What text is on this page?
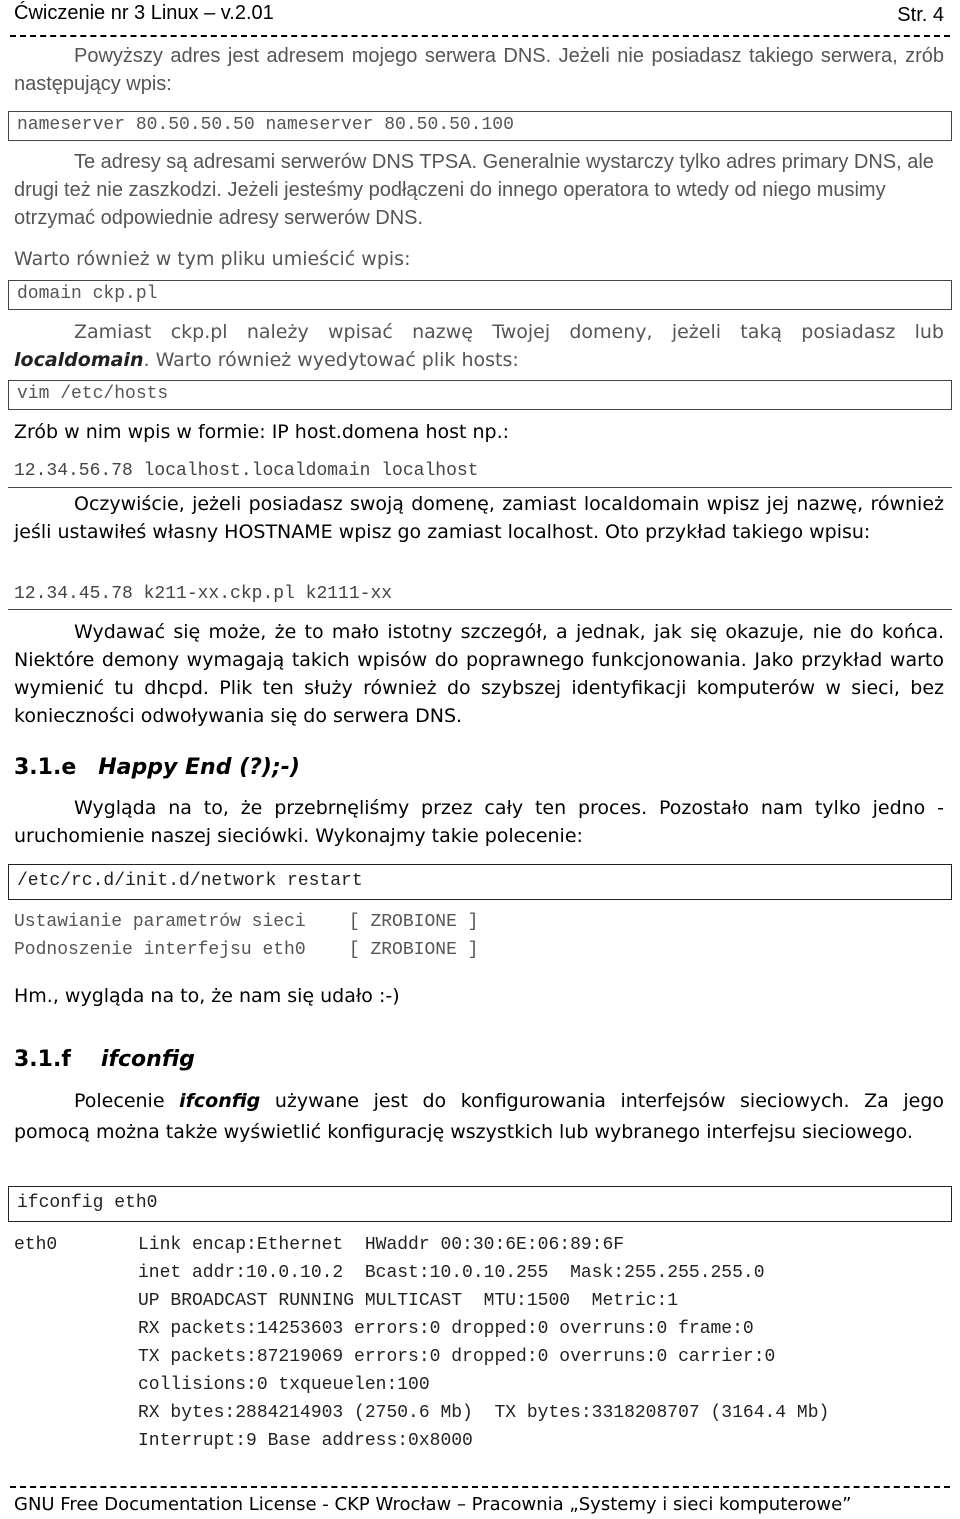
Ćwiczenie nr 3 Linux – v.2.01	Str. 4
Powyższy adres jest adresem mojego serwera DNS. Jeżeli nie posiadasz takiego serwera, zrób następujący wpis:
nameserver 80.50.50.50 nameserver 80.50.50.100
Te adresy są adresami serwerów DNS TPSA. Generalnie wystarczy tylko adres primary DNS, ale drugi też nie zaszkodzi. Jeżeli jesteśmy podłączeni do innego operatora to wtedy od niego musimy otrzymać odpowiednie adresy serwerów DNS.
Warto również w tym pliku umieścić wpis:
domain ckp.pl
Zamiast ckp.pl należy wpisać nazwę Twojej domeny, jeżeli taką posiadasz lub localdomain. Warto również wyedytować plik hosts:
vim /etc/hosts
Zrób w nim wpis w formie: IP host.domena host np.:
12.34.56.78 localhost.localdomain localhost
Oczywiście, jeżeli posiadasz swoją domenę, zamiast localdomain wpisz jej nazwę, również jeśli ustawiłeś własny HOSTNAME wpisz go zamiast localhost. Oto przykład takiego wpisu:
12.34.45.78 k211-xx.ckp.pl k2111-xx
Wydawać się może, że to mało istotny szczegół, a jednak, jak się okazuje, nie do końca. Niektóre demony wymagają takich wpisów do poprawnego funkcjonowania. Jako przykład warto wymienić tu dhcpd. Plik ten służy również do szybszej identyfikacji komputerów w sieci, bez konieczności odwoływania się do serwera DNS.
3.1.e Happy End (?);-)
Wygląda na to, że przebrnęliśmy przez cały ten proces. Pozostało nam tylko jedno - uruchomienie naszej sieciówki. Wykonajmy takie polecenie:
/etc/rc.d/init.d/network restart
Ustawianie parametrów sieci    [ ZROBIONE ]
Podnoszenie interfejsu eth0    [ ZROBIONE ]
Hm., wygląda na to, że nam się udało :-)
3.1.f ifconfig
Polecenie ifconfig używane jest do konfigurowania interfejsów sieciowych. Za jego pomocą można także wyświetlić konfigurację wszystkich lub wybranego interfejsu sieciowego.
ifconfig eth0
eth0	Link encap:Ethernet  HWaddr 00:30:6E:06:89:6F
inet addr:10.0.10.2  Bcast:10.0.10.255  Mask:255.255.255.0
UP BROADCAST RUNNING MULTICAST  MTU:1500  Metric:1
RX packets:14253603 errors:0 dropped:0 overruns:0 frame:0
TX packets:87219069 errors:0 dropped:0 overruns:0 carrier:0
collisions:0 txqueuelen:100
RX bytes:2884214903 (2750.6 Mb)  TX bytes:3318208707 (3164.4 Mb)
Interrupt:9 Base address:0x8000
GNU Free Documentation License - CKP Wrocław – Pracownia „Systemy i sieci komputerowe”
